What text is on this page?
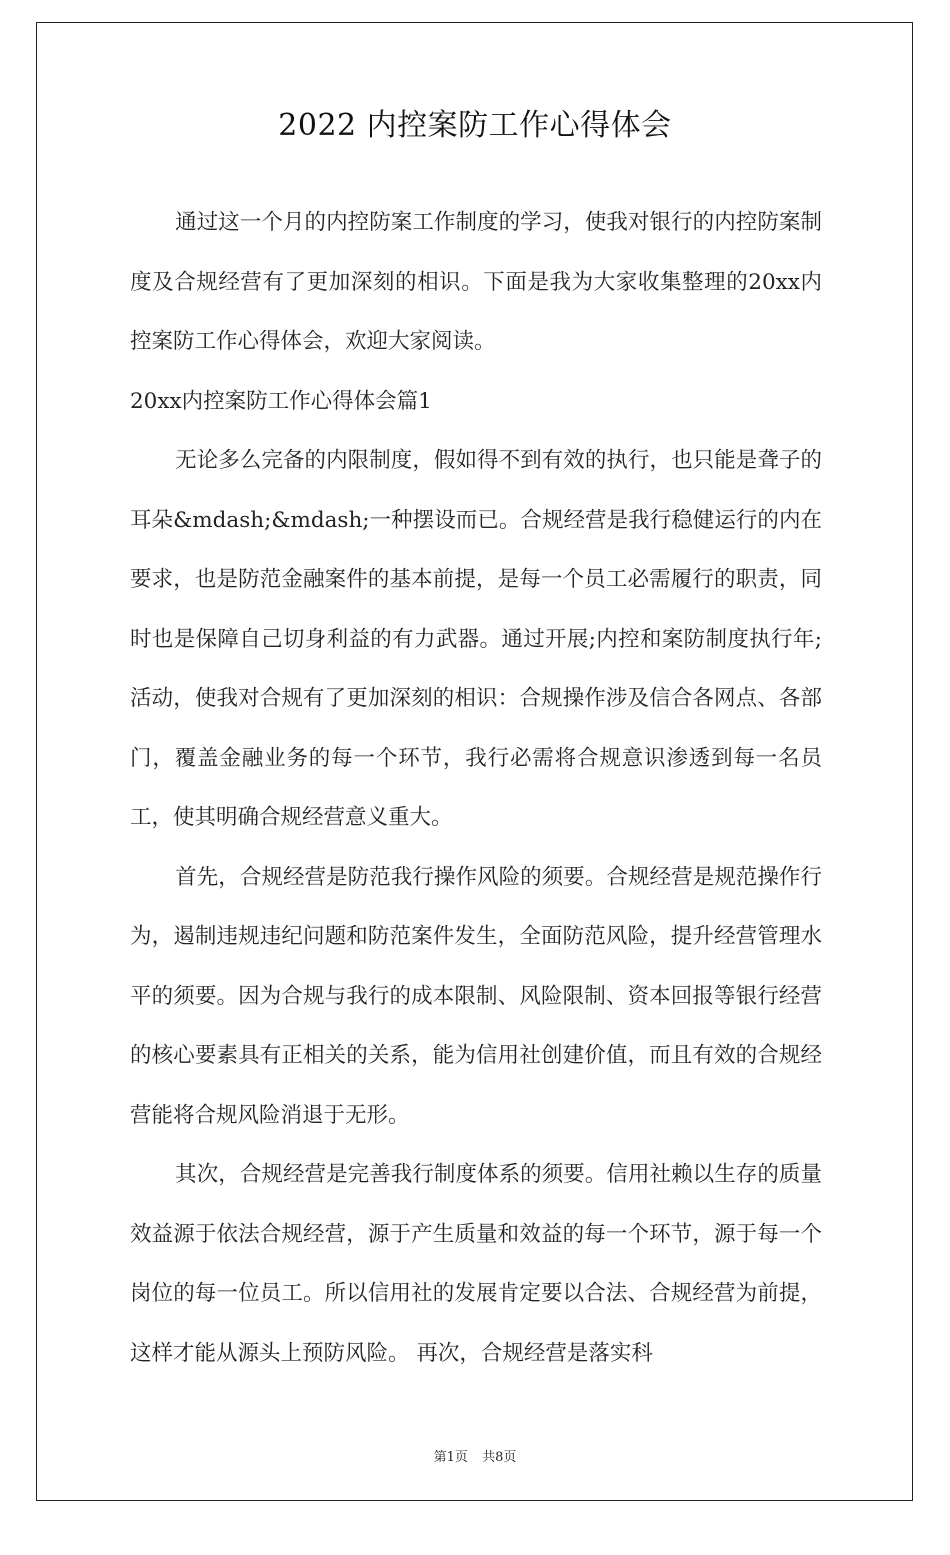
2022 内控案防工作心得体会

通过这一个月的内控防案工作制度的学习，使我对银行的内控防案制度及合规经营有了更加深刻的相识。下面是我为大家收集整理的20xx内控案防工作心得体会，欢迎大家阅读。

20xx内控案防工作心得体会篇1

无论多么完备的内限制度，假如得不到有效的执行，也只能是聋子的耳朵&mdash;&mdash;一种摆设而已。合规经营是我行稳健运行的内在要求，也是防范金融案件的基本前提，是每一个员工必需履行的职责，同时也是保障自己切身利益的有力武器。通过开展;内控和案防制度执行年;活动，使我对合规有了更加深刻的相识：合规操作涉及信合各网点、各部门，覆盖金融业务的每一个环节，我行必需将合规意识渗透到每一名员工，使其明确合规经营意义重大。

首先，合规经营是防范我行操作风险的须要。合规经营是规范操作行为，遏制违规违纪问题和防范案件发生，全面防范风险，提升经营管理水平的须要。因为合规与我行的成本限制、风险限制、资本回报等银行经营的核心要素具有正相关的关系，能为信用社创建价值，而且有效的合规经营能将合规风险消退于无形。

其次，合规经营是完善我行制度体系的须要。信用社赖以生存的质量效益源于依法合规经营，源于产生质量和效益的每一个环节，源于每一个岗位的每一位员工。所以信用社的发展肯定要以合法、合规经营为前提，这样才能从源头上预防风险。 再次，合规经营是落实科

第1页 共8页
